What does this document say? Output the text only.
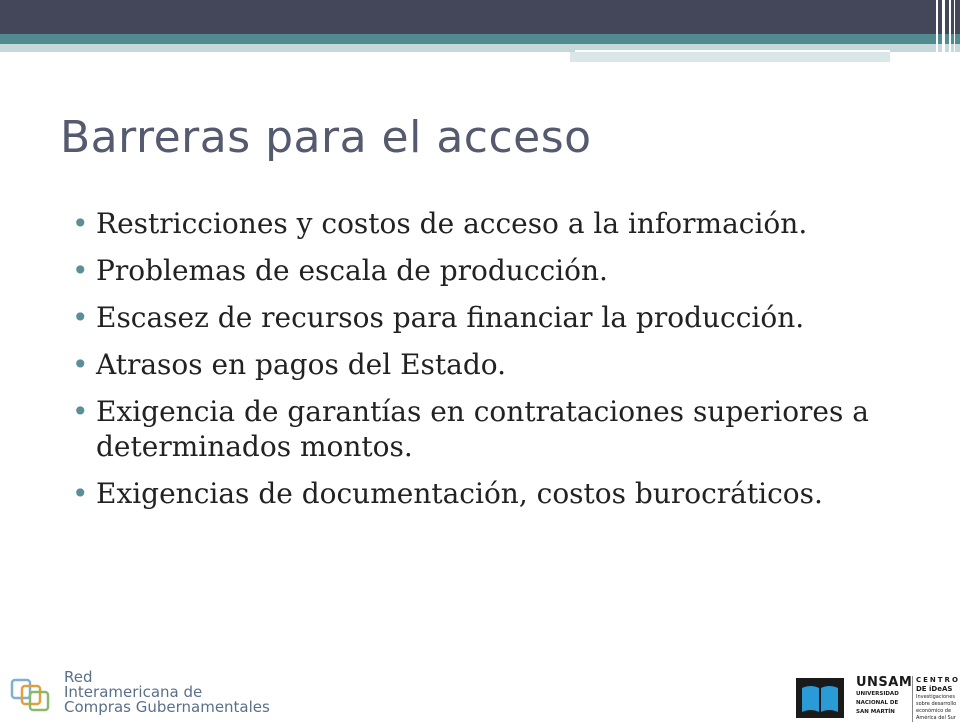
Barreras para el acceso
• Restricciones y costos de acceso a la información.
• Problemas de escala de producción.
• Escasez de recursos para financiar la producción.
• Atrasos en pagos del Estado.
• Exigencia de garantías en contrataciones superiores a determinados montos.
• Exigencias de documentación, costos burocráticos.
Red
Interamericana de
Compras Gubernamentales
UNSAM
UNIVERSIDAD
NACIONAL DE
SAN MARTÍN
CENTRO
DE iDeAS
Investigaciones
sobre desarrollo
económico de
América del Sur
